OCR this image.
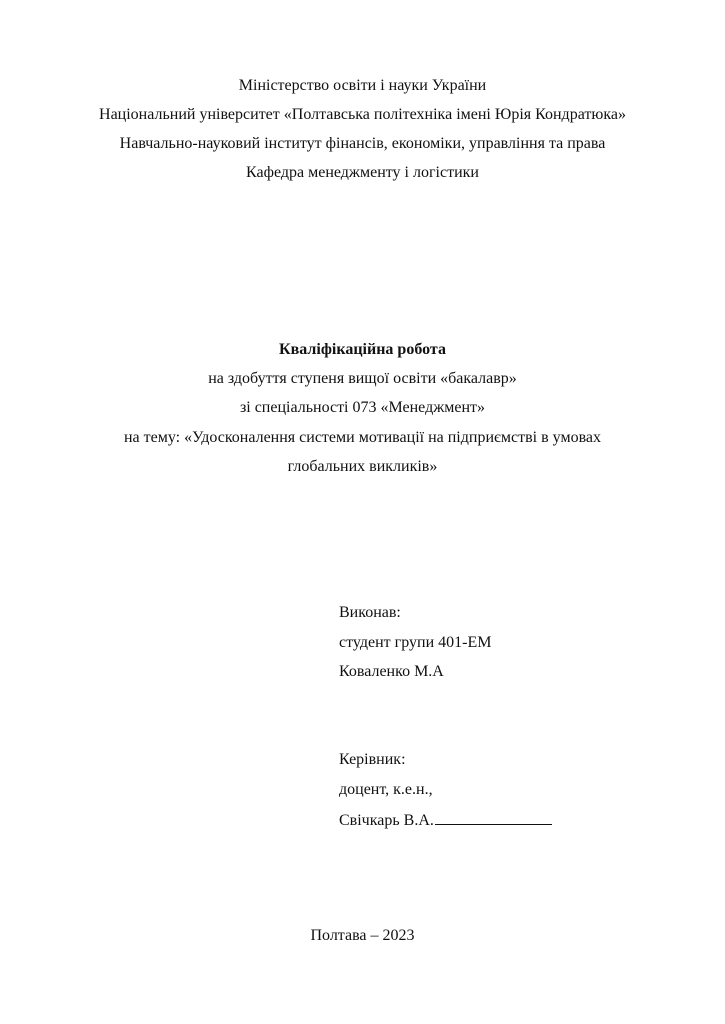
Міністерство освіти і науки України
Національний університет «Полтавська політехніка імені Юрія Кондратюка»
Навчально-науковий інститут фінансів, економіки, управління та права
Кафедра менеджменту і логістики
Кваліфікаційна робота
на здобуття ступеня вищої освіти «бакалавр»
зі спеціальності 073 «Менеджмент»
на тему: «Удосконалення системи мотивації на підприємстві в умовах
глобальних викликів»
Виконав:
студент групи 401-ЕМ
Коваленко М.А
Керівник:
доцент, к.е.н.,
Свічкарь В.А.
Полтава – 2023
